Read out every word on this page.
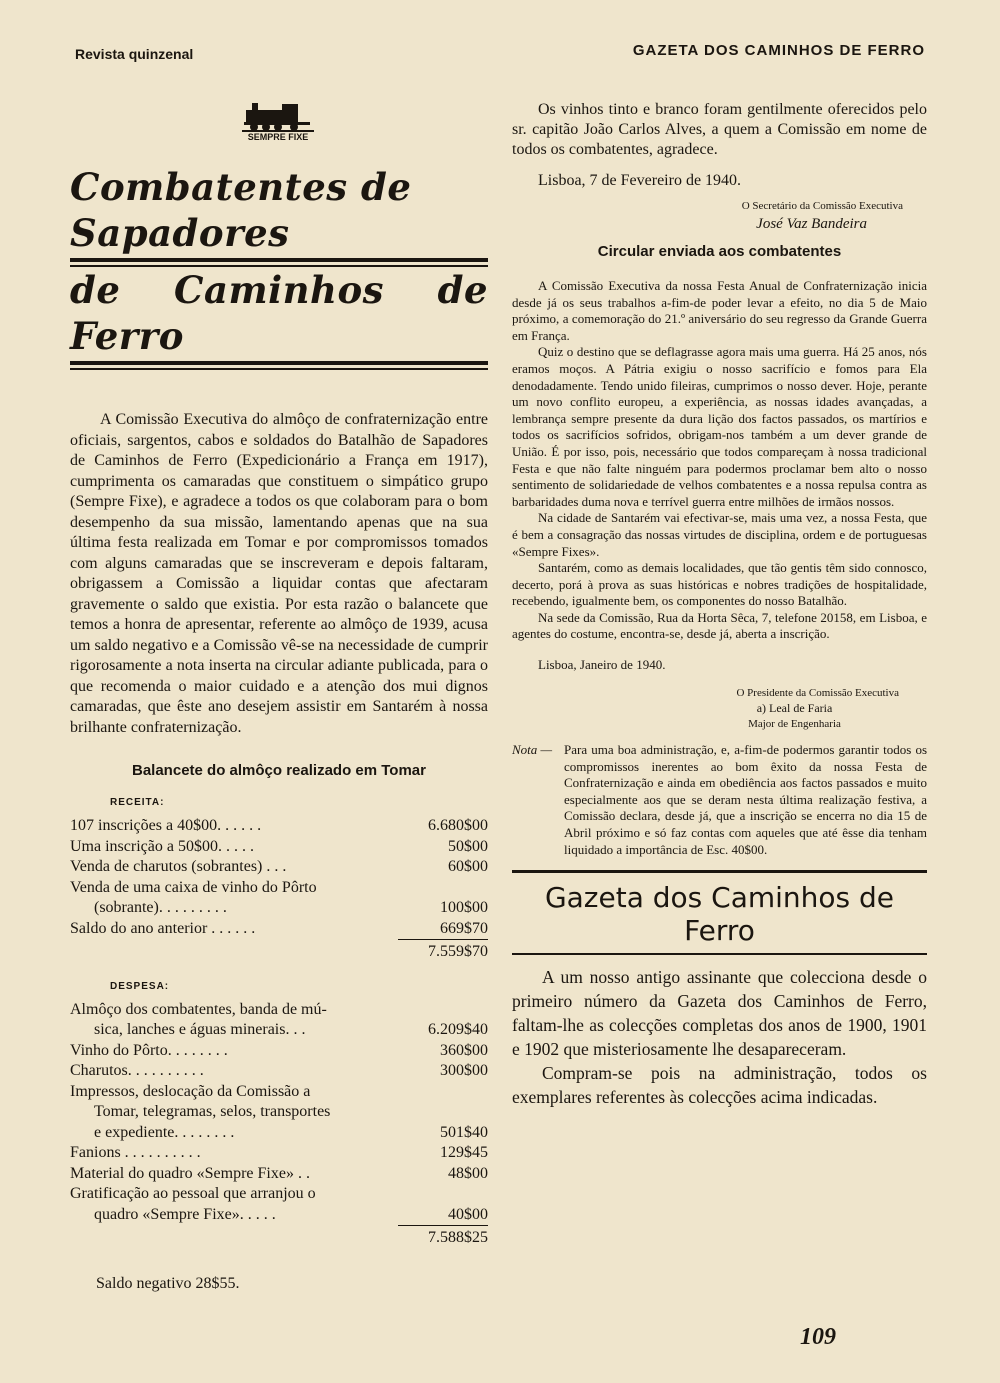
Revista quinzenal	GAZETA DOS CAMINHOS DE FERRO
SEMPRE FIXE
Combatentes de Sapadores
de Caminhos de Ferro

A Comissão Executiva do almôço de confraternização entre oficiais, sargentos, cabos e soldados do Batalhão de Sapadores de Caminhos de Ferro (Expedicionário a França em 1917), cumprimenta os camaradas que constituem o simpático grupo (Sempre Fixe), e agradece a todos os que colaboram para o bom desempenho da sua missão, lamentando apenas que na sua última festa realizada em Tomar e por compromissos tomados com alguns camaradas que se inscreveram e depois faltaram, obrigassem a Comissão a liquidar contas que afectaram gravemente o saldo que existia. Por esta razão o balancete que temos a honra de apresentar, referente ao almôço de 1939, acusa um saldo negativo e a Comissão vê-se na necessidade de cumprir rigorosamente a nota inserta na circular adiante publicada, para o que recomenda o maior cuidado e a atenção dos mui dignos camaradas, que êste ano desejem assistir em Santarém à nossa brilhante confraternização.

Balancete do almôço realizado em Tomar
RECEITA:
107 inscrições a 40$00. . . . . .	6.680$00
Uma inscrição a 50$00. . . . .	50$00
Venda de charutos (sobrantes) . . .	60$00
Venda de uma caixa de vinho do Pôrto
(sobrante). . . . . . . . .	100$00
Saldo do ano anterior . . . . . .	669$70
7.559$70
DESPESA:
Almôço dos combatentes, banda de mú-
sica, lanches e águas minerais. . .	6.209$40
Vinho do Pôrto. . . . . . . .	360$00
Charutos. . . . . . . . . .	300$00
Impressos, deslocação da Comissão a
Tomar, telegramas, selos, transportes
e expediente. . . . . . . .	501$40
Fanions . . . . . . . . . .	129$45
Material do quadro «Sempre Fixe» . .	48$00
Gratificação ao pessoal que arranjou o
quadro «Sempre Fixe». . . . .	40$00
7.588$25
Saldo negativo 28$55.

Os vinhos tinto e branco foram gentilmente oferecidos pelo sr. capitão João Carlos Alves, a quem a Comissão em nome de todos os combatentes, agradece.

Lisboa, 7 de Fevereiro de 1940.
O Secretário da Comissão Executiva
José Vaz Bandeira
Circular enviada aos combatentes

A Comissão Executiva da nossa Festa Anual de Confraternização inicia desde já os seus trabalhos a-fim-de poder levar a efeito, no dia 5 de Maio próximo, a comemoração do 21.º aniversário do seu regresso da Grande Guerra em França.

Quiz o destino que se deflagrasse agora mais uma guerra. Há 25 anos, nós eramos moços. A Pátria exigiu o nosso sacrifício e fomos para Ela denodadamente. Tendo unido fileiras, cumprimos o nosso dever. Hoje, perante um novo conflito europeu, a experiência, as nossas idades avançadas, a lembrança sempre presente da dura lição dos factos passados, os martírios e todos os sacrifícios sofridos, obrigam-nos também a um dever grande de União. É por isso, pois, necessário que todos compareçam à nossa tradicional Festa e que não falte ninguém para podermos proclamar bem alto o nosso sentimento de solidariedade de velhos combatentes e a nossa repulsa contra as barbaridades duma nova e terrível guerra entre milhões de irmãos nossos.

Na cidade de Santarém vai efectivar-se, mais uma vez, a nossa Festa, que é bem a consagração das nossas virtudes de disciplina, ordem e de portuguesas «Sempre Fixes».

Santarém, como as demais localidades, que tão gentis têm sido connosco, decerto, porá à prova as suas históricas e nobres tradições de hospitalidade, recebendo, igualmente bem, os componentes do nosso Batalhão.

Na sede da Comissão, Rua da Horta Sêca, 7, telefone 20158, em Lisboa, e agentes do costume, encontra-se, desde já, aberta a inscrição.

Lisboa, Janeiro de 1940.
O Presidente da Comissão Executiva
a) Leal de Faria
Major de Engenharia
Nota — Para uma boa administração, e, a-fim-de podermos garantir todos os compromissos inerentes ao bom êxito da nossa Festa de Confraternização e ainda em obediência aos factos passados e muito especialmente aos que se deram nesta última realização festiva, a Comissão declara, desde já, que a inscrição se encerra no dia 15 de Abril próximo e só faz contas com aqueles que até êsse dia tenham liquidado a importância de Esc. 40$00.
Gazeta dos Caminhos de Ferro

A um nosso antigo assinante que colecciona desde o primeiro número da Gazeta dos Caminhos de Ferro, faltam-lhe as colecções completas dos anos de 1900, 1901 e 1902 que misteriosamente lhe desapareceram.

Compram-se pois na administração, todos os exemplares referentes às colecções acima indicadas.

109
